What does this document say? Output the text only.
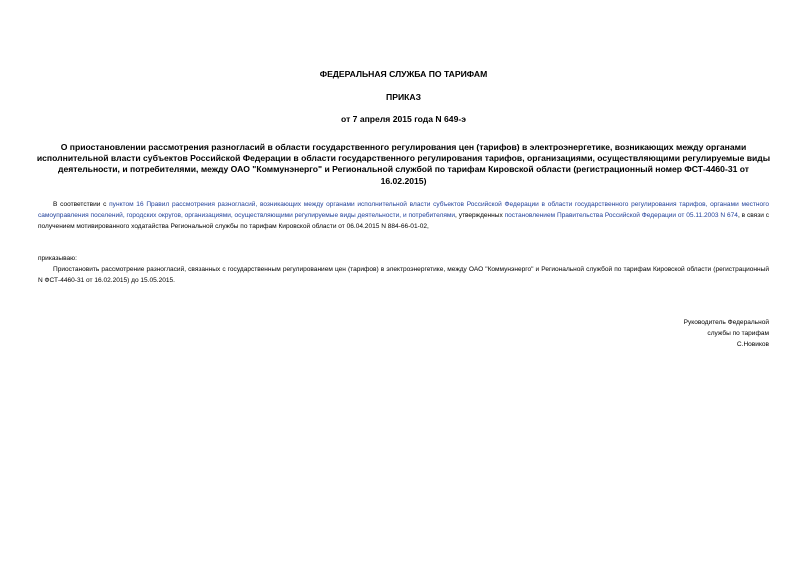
ФЕДЕРАЛЬНАЯ СЛУЖБА ПО ТАРИФАМ
ПРИКАЗ
от 7 апреля 2015 года N 649-э
О приостановлении рассмотрения разногласий в области государственного регулирования цен (тарифов) в электроэнергетике, возникающих между органами исполнительной власти субъектов Российской Федерации в области государственного регулирования тарифов, организациями, осуществляющими регулируемые виды деятельности, и потребителями, между ОАО "Коммунэнерго" и Региональной службой по тарифам Кировской области (регистрационный номер ФСТ-4460-31 от 16.02.2015)
В соответствии с пунктом 16 Правил рассмотрения разногласий, возникающих между органами исполнительной власти субъектов Российской Федерации в области государственного регулирования тарифов, органами местного самоуправления поселений, городских округов, организациями, осуществляющими регулируемые виды деятельности, и потребителями, утвержденных постановлением Правительства Российской Федерации от 05.11.2003 N 674, в связи с получением мотивированного ходатайства Региональной службы по тарифам Кировской области от 06.04.2015 N 884-66-01-02,
приказываю:
Приостановить рассмотрение разногласий, связанных с государственным регулированием цен (тарифов) в электроэнергетике, между ОАО "Коммунэнерго" и Региональной службой по тарифам Кировской области (регистрационный N ФСТ-4460-31 от 16.02.2015) до 15.05.2015.
Руководитель Федеральной
службы по тарифам
С.Новиков
